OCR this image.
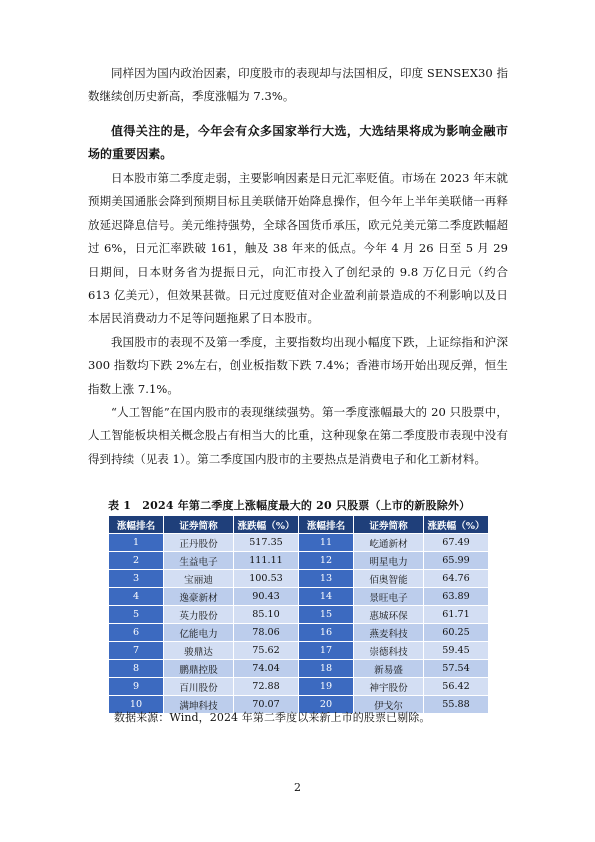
同样因为国内政治因素，印度股市的表现却与法国相反，印度 SENSEX30 指数继续创历史新高，季度涨幅为 7.3%。

值得关注的是，今年会有众多国家举行大选，大选结果将成为影响金融市场的重要因素。

日本股市第二季度走弱，主要影响因素是日元汇率贬值。市场在 2023 年末就预期美国通胀会降到预期目标且美联储开始降息操作，但今年上半年美联储一再释放延迟降息信号。美元维持强势，全球各国货币承压，欧元兑美元第二季度跌幅超过 6%，日元汇率跌破 161，触及 38 年来的低点。今年 4 月 26 日至 5 月 29 日期间，日本财务省为提振日元，向汇市投入了创纪录的 9.8 万亿日元（约合 613 亿美元），但效果甚微。日元过度贬值对企业盈利前景造成的不利影响以及日本居民消费动力不足等问题拖累了日本股市。

我国股市的表现不及第一季度，主要指数均出现小幅度下跌，上证综指和沪深 300 指数均下跌 2%左右，创业板指数下跌 7.4%；香港市场开始出现反弹，恒生指数上涨 7.1%。

“人工智能”在国内股市的表现继续强势。第一季度涨幅最大的 20 只股票中，人工智能板块相关概念股占有相当大的比重，这种现象在第二季度股市表现中没有得到持续（见表 1）。第二季度国内股市的主要热点是消费电子和化工新材料。

表 1　2024 年第二季度上涨幅度最大的 20 只股票（上市的新股除外）
涨幅排名	证券简称	涨跌幅（%）	涨幅排名	证券简称	涨跌幅（%）
1	正丹股份	517.35	11	屹通新材	67.49
2	生益电子	111.11	12	明星电力	65.99
3	宝丽迪	100.53	13	佰奥智能	64.76
4	逸豪新材	90.43	14	景旺电子	63.89
5	英力股份	85.10	15	惠城环保	61.71
6	亿能电力	78.06	16	燕麦科技	60.25
7	骏鼎达	75.62	17	崇德科技	59.45
8	鹏鼎控股	74.04	18	新易盛	57.54
9	百川股份	72.88	19	神宇股份	56.42
10	满坤科技	70.07	20	伊戈尔	55.88
数据来源：Wind，2024 年第二季度以来新上市的股票已剔除。
2
